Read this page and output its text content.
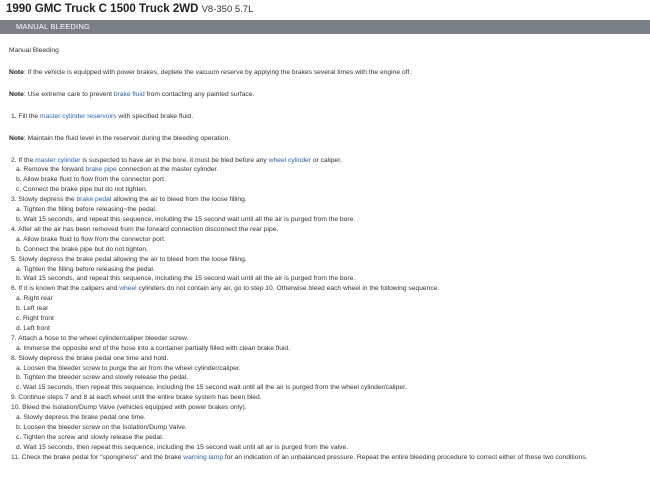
1990 GMC Truck C 1500 Truck 2WD V8-350 5.7L
MANUAL BLEEDING
Manual Bleeding
Note: If the vehicle is equipped with power brakes, deplete the vacuum reserve by applying the brakes several times with the engine off.
Note: Use extreme care to prevent brake fluid from contacting any painted surface.
1. Fill the master cylinder reservoirs with specified brake fluid.
Note: Maintain the fluid level in the reservoir during the bleeding operation.
2. If the master cylinder is suspected to have air in the bore, it must be bled before any wheel cylinder or caliper.
a. Remove the forward brake pipe connection at the master cylinder.
b. Allow brake fluid to flow from the connector port.
c. Connect the brake pipe but do not tighten.
3. Slowly depress the brake pedal allowing the air to bleed from the loose filling.
a. Tighten the filling before releasing~the pedal.
b. Wait 15 seconds, and repeat this sequence, including the 15 second wait until all the air is purged from the bore.
4. After all the air has been removed from the forward connection disconnect the rear pipe.
a. Allow brake fluid to flow from the connector port.
b. Connect the brake pipe but do not tighten.
5. Slowly depress the brake pedal allowing the air to bleed from the loose filling.
a. Tighten the filling before releasing the pedal.
b. Wait 15 seconds, and repeat this sequence, including the 15 second wait until all the air is purged from the bore.
6. If it is known that the calipers and wheel cylinders do not contain any air, go to step 10. Otherwise bleed each wheel in the following sequence.
a. Right rear
b. Left rear
c. Right front
d. Left front
7. Attach a hose to the wheel cylinder/caliper bleeder screw.
a. Immerse the opposite end of the hose into a container partially filled with clean brake fluid.
8. Slowly depress the brake pedal one time and hold.
a. Loosen the bleeder screw to purge the air from the wheel cylinder/caliper.
b. Tighten the bleeder screw and slowly release the pedal.
c. Wait 15 seconds, then repeat this sequence, including the 15 second wait until all the air is purged from the wheel cylinder/caliper.
9. Continue steps 7 and 8 at each wheel until the entire brake system has been bled.
10. Bleed the Isolation/Dump Valve (vehicles equipped with power brakes only).
a. Slowly depress the brake pedal one time.
b. Loosen the bleeder screw on the Isolation/Dump Valve.
c. Tighten the screw and slowly release the pedal.
d. Wait 15 seconds, then repeat this sequence, including the 15 second wait until all air is purged from the valve.
11. Check the brake pedal for "sponginess" and the brake warning lamp for an indication of an unbalanced pressure. Repeat the entire bleeding procedure to correct either of these two conditions.
